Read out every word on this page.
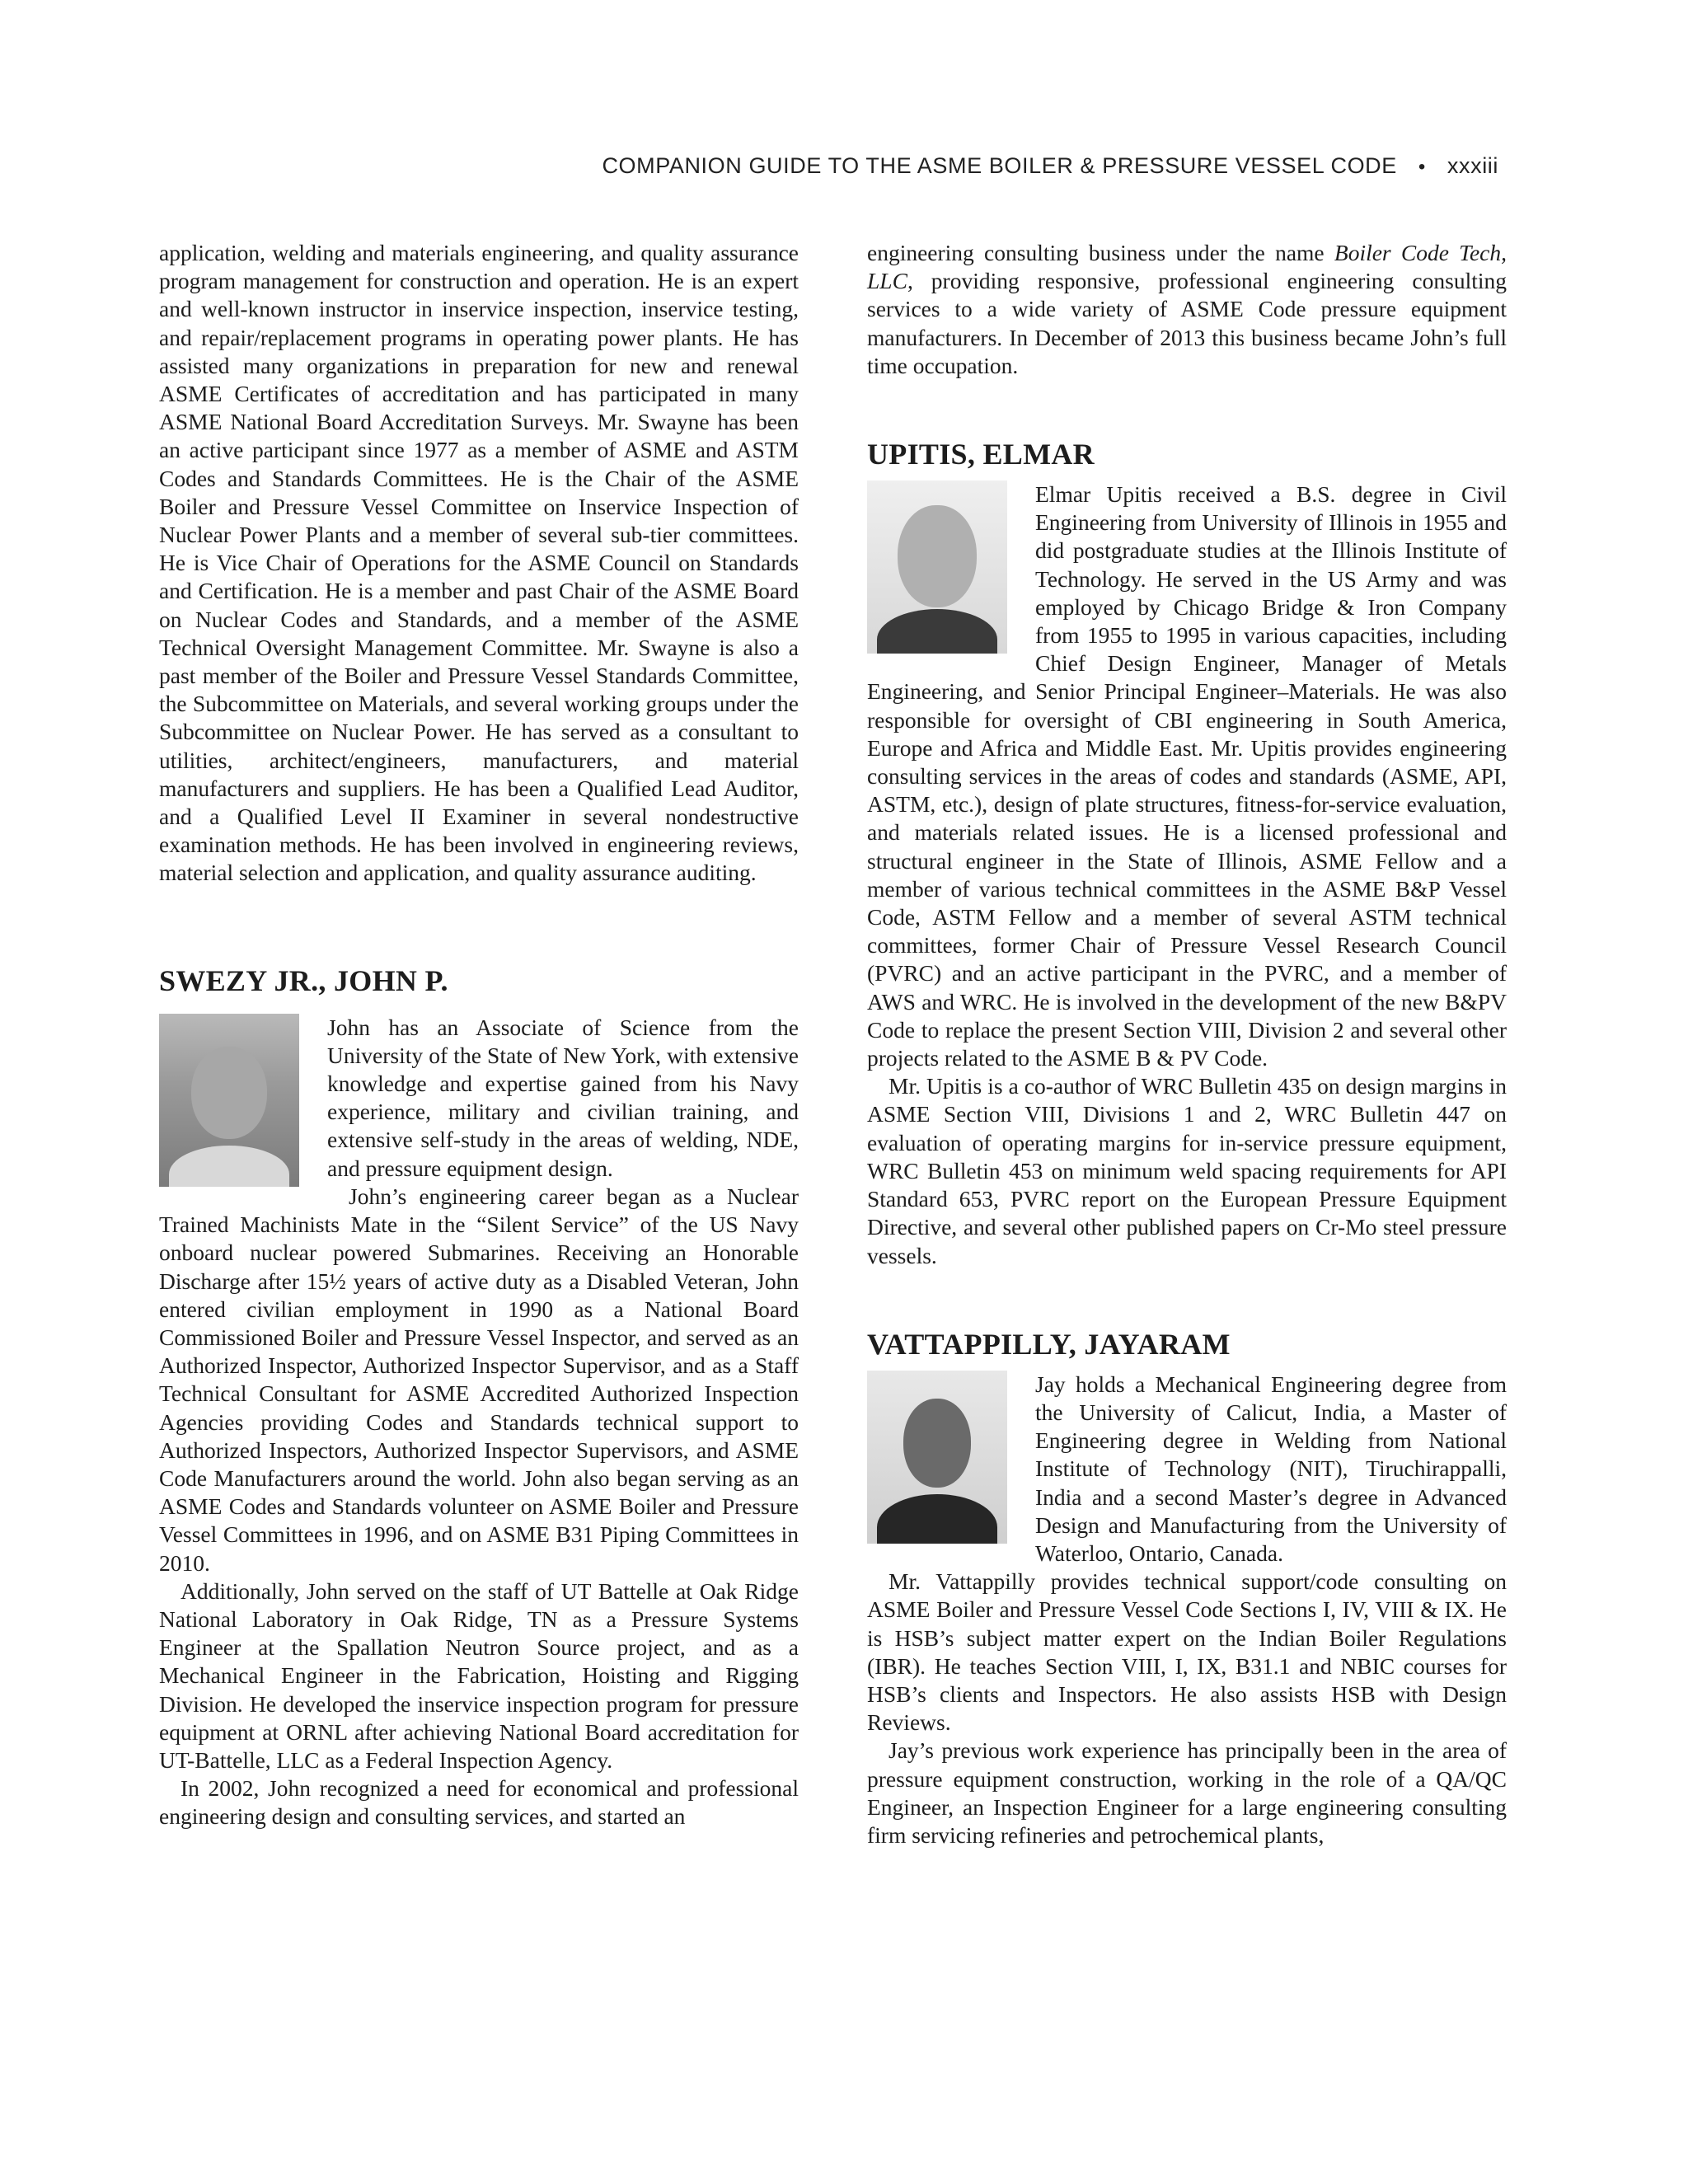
COMPANION GUIDE TO THE ASME BOILER & PRESSURE VESSEL CODE • xxxiii

application, welding and materials engineering, and quality assurance program management for construction and operation. He is an expert and well-known instructor in inservice inspection, inservice testing, and repair/replacement programs in operating power plants. He has assisted many organizations in preparation for new and renewal ASME Certificates of accreditation and has participated in many ASME National Board Accreditation Surveys. Mr. Swayne has been an active participant since 1977 as a member of ASME and ASTM Codes and Standards Committees. He is the Chair of the ASME Boiler and Pressure Vessel Committee on Inservice Inspection of Nuclear Power Plants and a member of several sub-tier committees. He is Vice Chair of Operations for the ASME Council on Standards and Certification. He is a member and past Chair of the ASME Board on Nuclear Codes and Standards, and a member of the ASME Technical Oversight Management Committee. Mr. Swayne is also a past member of the Boiler and Pressure Vessel Standards Committee, the Subcommittee on Materials, and several working groups under the Subcommittee on Nuclear Power. He has served as a consultant to utilities, architect/engineers, manufacturers, and material manufacturers and suppliers. He has been a Qualified Lead Auditor, and a Qualified Level II Examiner in several nondestructive examination methods. He has been involved in engineering reviews, material selection and application, and quality assurance auditing.

SWEZY JR., JOHN P.

John has an Associate of Science from the University of the State of New York, with extensive knowledge and expertise gained from his Navy experience, military and civilian training, and extensive self-study in the areas of welding, NDE, and pressure equipment design.

John’s engineering career began as a Nuclear Trained Machinists Mate in the “Silent Service” of the US Navy onboard nuclear powered Submarines. Receiving an Honorable Discharge after 15½ years of active duty as a Disabled Veteran, John entered civilian employment in 1990 as a National Board Commissioned Boiler and Pressure Vessel Inspector, and served as an Authorized Inspector, Authorized Inspector Supervisor, and as a Staff Technical Consultant for ASME Accredited Authorized Inspection Agencies providing Codes and Standards technical support to Authorized Inspectors, Authorized Inspector Supervisors, and ASME Code Manufacturers around the world. John also began serving as an ASME Codes and Standards volunteer on ASME Boiler and Pressure Vessel Committees in 1996, and on ASME B31 Piping Committees in 2010.

Additionally, John served on the staff of UT Battelle at Oak Ridge National Laboratory in Oak Ridge, TN as a Pressure Systems Engineer at the Spallation Neutron Source project, and as a Mechanical Engineer in the Fabrication, Hoisting and Rigging Division. He developed the inservice inspection program for pressure equipment at ORNL after achieving National Board accreditation for UT-Battelle, LLC as a Federal Inspection Agency.

In 2002, John recognized a need for economical and professional engineering design and consulting services, and started an

engineering consulting business under the name Boiler Code Tech, LLC, providing responsive, professional engineering consulting services to a wide variety of ASME Code pressure equipment manufacturers. In December of 2013 this business became John’s full time occupation.

UPITIS, ELMAR

Elmar Upitis received a B.S. degree in Civil Engineering from University of Illinois in 1955 and did postgraduate studies at the Illinois Institute of Technology. He served in the US Army and was employed by Chicago Bridge & Iron Company from 1955 to 1995 in various capacities, including Chief Design Engineer, Manager of Metals Engineering, and Senior Principal Engineer–Materials. He was also responsible for oversight of CBI engineering in South America, Europe and Africa and Middle East. Mr. Upitis provides engineering consulting services in the areas of codes and standards (ASME, API, ASTM, etc.), design of plate structures, fitness-for-service evaluation, and materials related issues. He is a licensed professional and structural engineer in the State of Illinois, ASME Fellow and a member of various technical committees in the ASME B&P Vessel Code, ASTM Fellow and a member of several ASTM technical committees, former Chair of Pressure Vessel Research Council (PVRC) and an active participant in the PVRC, and a member of AWS and WRC. He is involved in the development of the new B&PV Code to replace the present Section VIII, Division 2 and several other projects related to the ASME B & PV Code.

Mr. Upitis is a co-author of WRC Bulletin 435 on design margins in ASME Section VIII, Divisions 1 and 2, WRC Bulletin 447 on evaluation of operating margins for in-service pressure equipment, WRC Bulletin 453 on minimum weld spacing requirements for API Standard 653, PVRC report on the European Pressure Equipment Directive, and several other published papers on Cr-Mo steel pressure vessels.

VATTAPPILLY, JAYARAM

Jay holds a Mechanical Engineering degree from the University of Calicut, India, a Master of Engineering degree in Welding from National Institute of Technology (NIT), Tiruchirappalli, India and a second Master’s degree in Advanced Design and Manufacturing from the University of Waterloo, Ontario, Canada.

Mr. Vattappilly provides technical support/code consulting on ASME Boiler and Pressure Vessel Code Sections I, IV, VIII & IX. He is HSB’s subject matter expert on the Indian Boiler Regulations (IBR). He teaches Section VIII, I, IX, B31.1 and NBIC courses for HSB’s clients and Inspectors. He also assists HSB with Design Reviews.

Jay’s previous work experience has principally been in the area of pressure equipment construction, working in the role of a QA/QC Engineer, an Inspection Engineer for a large engineering consulting firm servicing refineries and petrochemical plants,
